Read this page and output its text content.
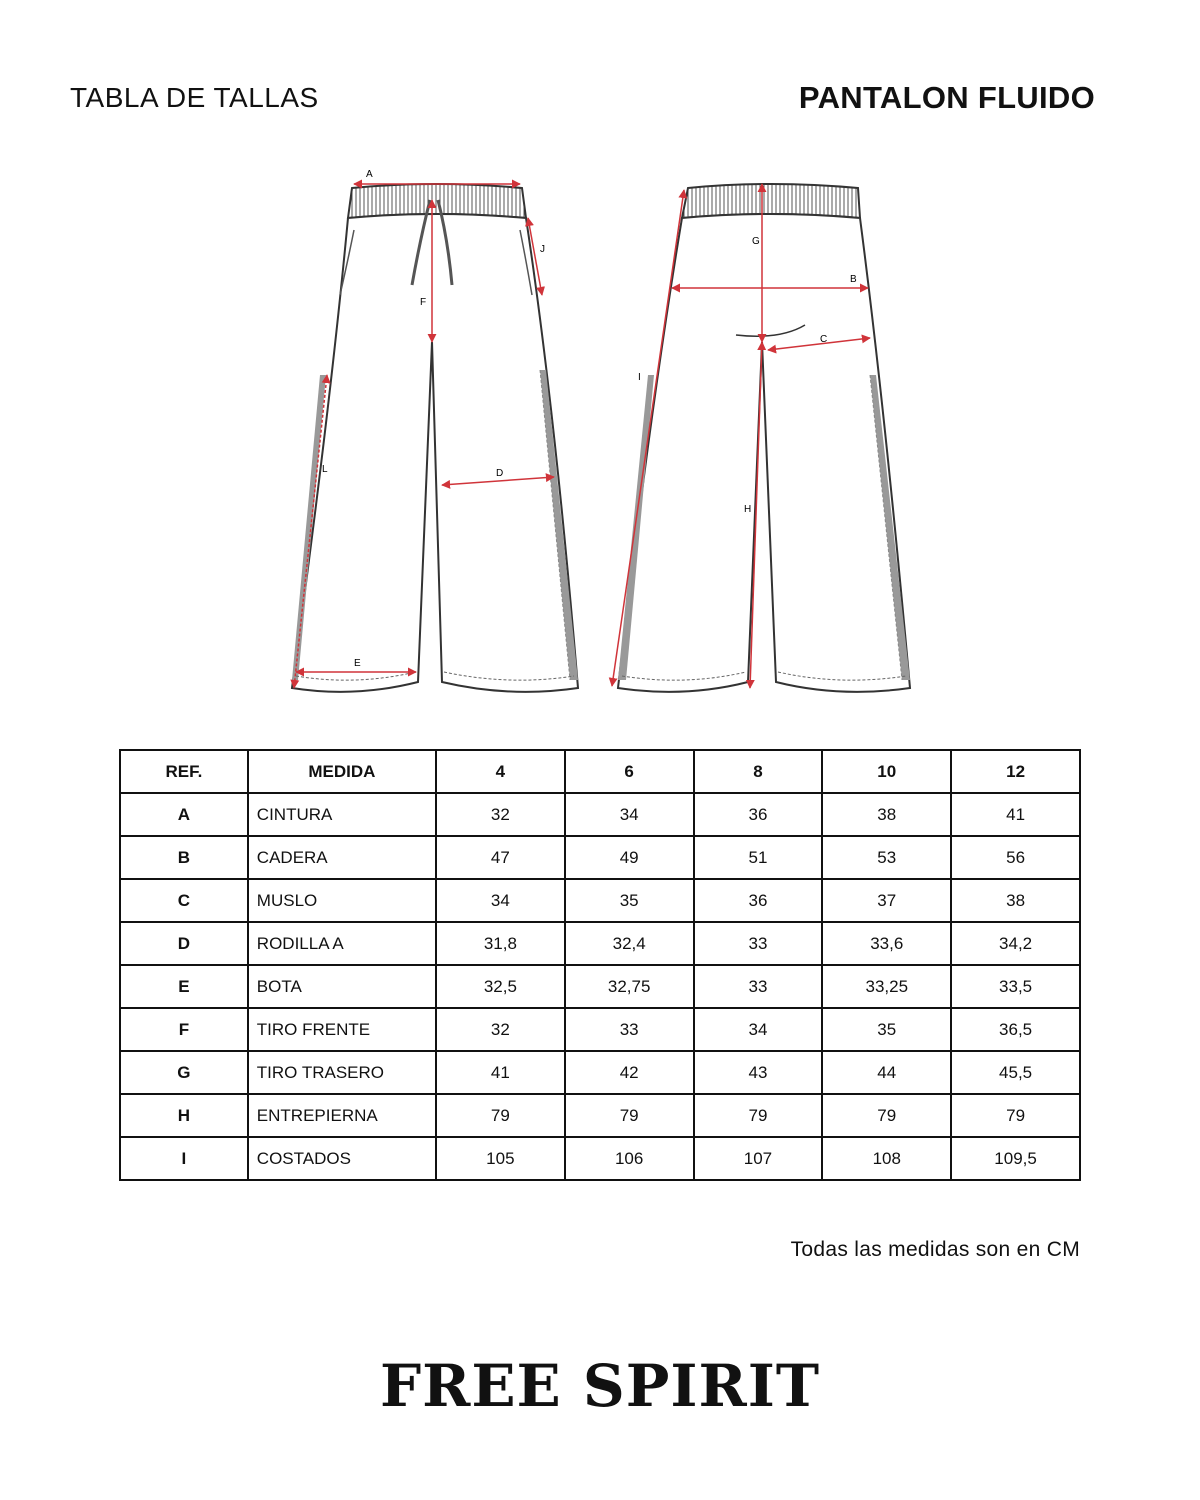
TABLA DE TALLAS	PANTALON FLUIDO
A
J
F
D
E
L
G
B
C
H
I
REF.	MEDIDA	4	6	8	10	12
A	CINTURA	32	34	36	38	41
B	CADERA	47	49	51	53	56
C	MUSLO	34	35	36	37	38
D	RODILLA A	31,8	32,4	33	33,6	34,2
E	BOTA	32,5	32,75	33	33,25	33,5
F	TIRO FRENTE	32	33	34	35	36,5
G	TIRO TRASERO	41	42	43	44	45,5
H	ENTREPIERNA	79	79	79	79	79
I	COSTADOS	105	106	107	108	109,5
Todas las medidas son en CM
FREE SPIRIT
